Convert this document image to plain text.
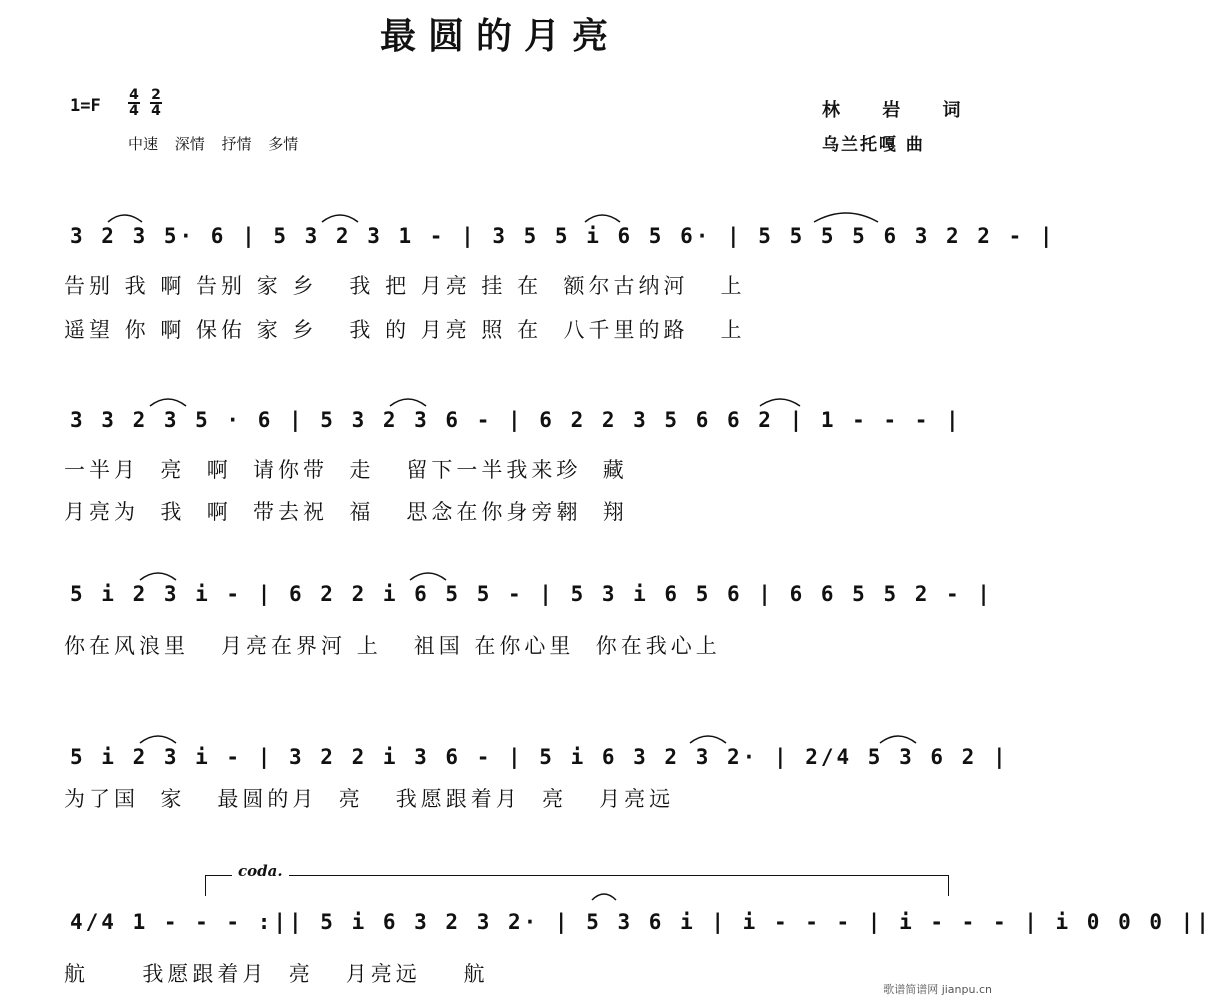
最圆的月亮
1=F
4
4
2
4
中速 深情 抒情 多情
林 岩 词
乌兰托嘎 曲
3 2 3 5· 6 | 5 3 2 3 1 - | 3 5 5 i 6 5 6· | 5 5 5 5 6 3 2 2 - |
告别 我 啊 告别 家 乡   我 把 月亮 挂 在  额尔古纳河   上
遥望 你 啊 保佑 家 乡   我 的 月亮 照 在  八千里的路   上
3 3 2 3 5 · 6 | 5 3 2 3 6 - | 6 2 2 3 5 6 6 2 | 1 - - - |
一半月  亮  啊  请你带  走   留下一半我来珍  藏
月亮为  我  啊  带去祝  福   思念在你身旁翱  翔
5 i 2 3 i - | 6 2 2 i 6 5 5 - | 5 3 i 6 5 6 | 6 6 5 5 2 - |
你在风浪里   月亮在界河 上   祖国 在你心里  你在我心上
5 i 2 3 i - | 3 2 2 i 3 6 - | 5 i 6 3 2 3 2· | 2/4 5 3 6 2 |
为了国  家   最圆的月  亮   我愿跟着月  亮   月亮远
coda.
4/4 1 - - - :|| 5 i 6 3 2 3 2· | 5 3 6 i | i - - - | i - - - | i 0 0 0 ||
航     我愿跟着月  亮   月亮远    航
歌谱简谱网 jianpu.cn
